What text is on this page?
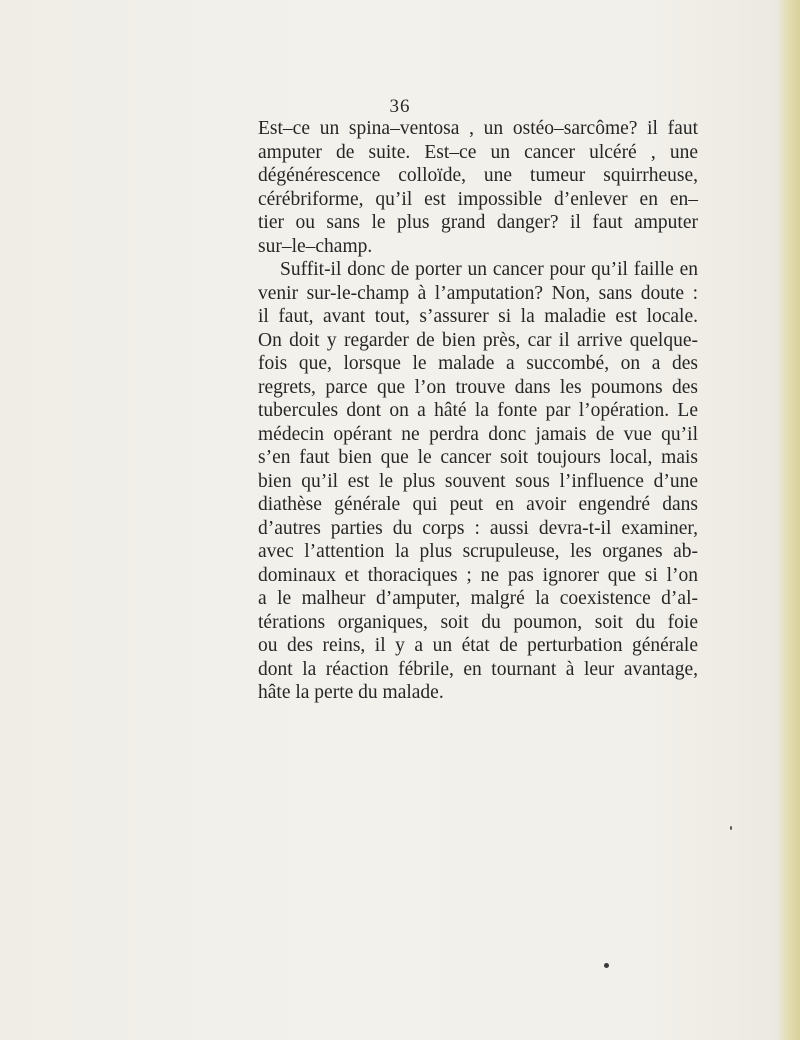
36
Est–ce un spina–ventosa , un ostéo–sarcôme? il faut
amputer de suite. Est–ce un cancer ulcéré , une
dégénérescence colloïde, une tumeur squirrheuse,
cérébriforme, qu’il est impossible d’enlever en en–
tier ou sans le plus grand danger? il faut amputer
sur–le–champ.
Suffit-il donc de porter un cancer pour qu’il faille en
venir sur-le-champ à l’amputation? Non, sans doute :
il faut, avant tout, s’assurer si la maladie est locale.
On doit y regarder de bien près, car il arrive quelque-
fois que, lorsque le malade a succombé, on a des
regrets, parce que l’on trouve dans les poumons des
tubercules dont on a hâté la fonte par l’opération. Le
médecin opérant ne perdra donc jamais de vue qu’il
s’en faut bien que le cancer soit toujours local, mais
bien qu’il est le plus souvent sous l’influence d’une
diathèse générale qui peut en avoir engendré dans
d’autres parties du corps : aussi devra-t-il examiner,
avec l’attention la plus scrupuleuse, les organes ab-
dominaux et thoraciques ; ne pas ignorer que si l’on
a le malheur d’amputer, malgré la coexistence d’al-
térations organiques, soit du poumon, soit du foie
ou des reins, il y a un état de perturbation générale
dont la réaction fébrile, en tournant à leur avantage,
hâte la perte du malade.
